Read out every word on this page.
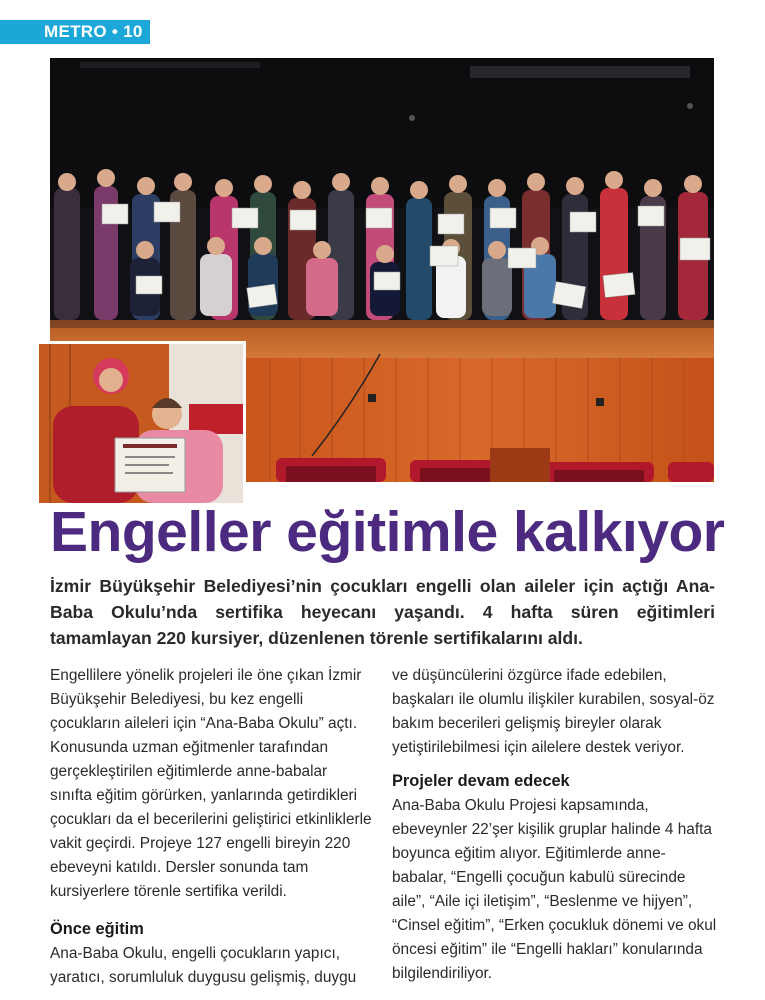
METRO • 10
Engeller eğitimle kalkıyor

İzmir Büyükşehir Belediyesi’nin çocukları engelli olan aileler için açtığı Ana-Baba Okulu’nda sertifika heyecanı yaşandı. 4 hafta süren eğitimleri tamamlayan 220 kursiyer, düzenlenen törenle sertifikalarını aldı.

Engellilere yönelik projeleri ile öne çıkan İzmir Büyükşehir Belediyesi, bu kez engelli çocukların aileleri için “Ana-Baba Okulu” açtı. Konusunda uzman eğitmenler tarafından gerçekleştirilen eğitimlerde anne-babalar sınıfta eğitim görürken, yanlarında getirdikleri çocukları da el becerilerini geliştirici etkinliklerle vakit geçirdi. Projeye 127 engelli bireyin 220 ebeveyni katıldı. Dersler sonunda tam kursiyerlere törenle sertifika verildi.

Önce eğitim

Ana-Baba Okulu, engelli çocukların yapıcı, yaratıcı, sorumluluk duygusu gelişmiş, duygu

ve düşüncülerini özgürce ifade edebilen, başkaları ile olumlu ilişkiler kurabilen, sosyal-öz bakım becerileri gelişmiş bireyler olarak yetiştirilebilmesi için ailelere destek veriyor.

Projeler devam edecek

Ana-Baba Okulu Projesi kapsamında, ebeveynler 22’şer kişilik gruplar halinde 4 hafta boyunca eğitim alıyor. Eğitimlerde anne-babalar, “Engelli çocuğun kabulü sürecinde aile”, “Aile içi iletişim”, “Beslenme ve hijyen”, “Cinsel eğitim”, “Erken çocukluk dönemi ve okul öncesi eğitim” ile “Engelli hakları” konularında bilgilendiriliyor.
